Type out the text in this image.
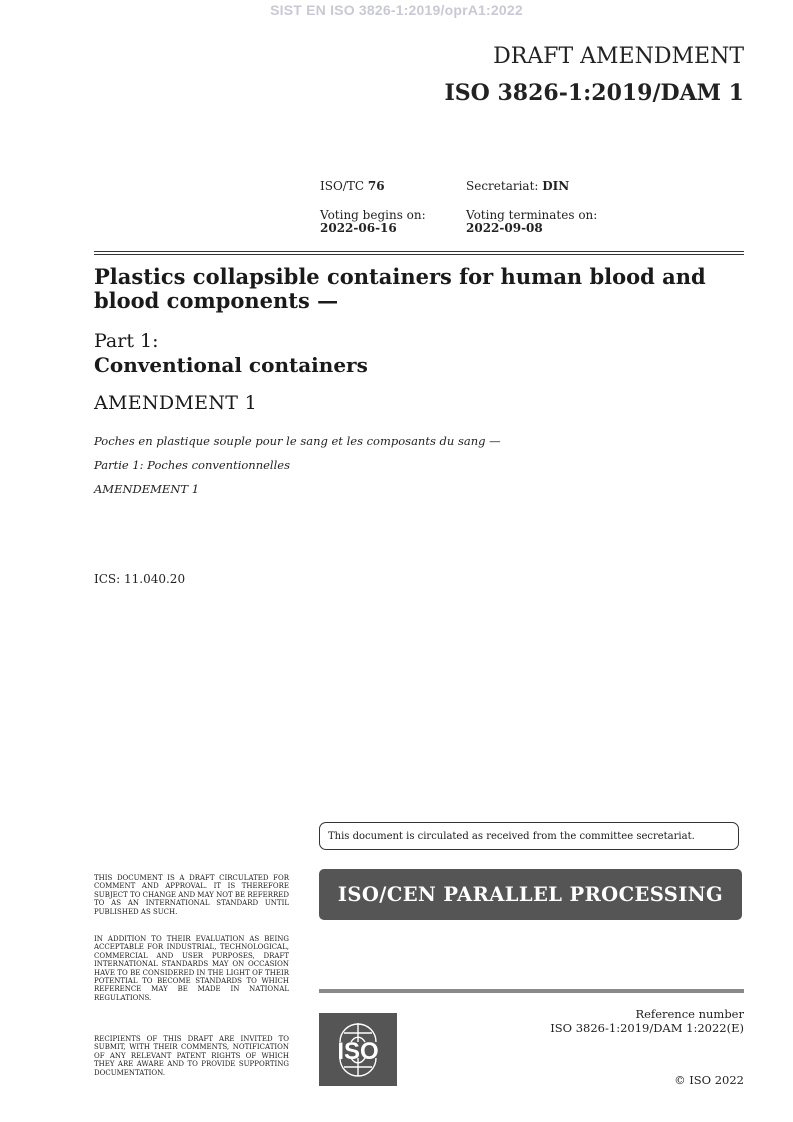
SIST EN ISO 3826-1:2019/oprA1:2022
DRAFT AMENDMENT
ISO 3826-1:2019/DAM 1
ISO/TC 76	Secretariat: DIN
Voting begins on:
2022-06-16
Voting terminates on:
2022-09-08
Plastics collapsible containers for human blood and blood components —
Part 1:
Conventional containers
AMENDMENT 1
Poches en plastique souple pour le sang et les composants du sang —
Partie 1: Poches conventionnelles
AMENDEMENT 1
ICS: 11.040.20
This document is circulated as received from the committee secretariat.
ISO/CEN PARALLEL PROCESSING
THIS DOCUMENT IS A DRAFT CIRCULATED FOR COMMENT AND APPROVAL. IT IS THEREFORE SUBJECT TO CHANGE AND MAY NOT BE REFERRED TO AS AN INTERNATIONAL STANDARD UNTIL PUBLISHED AS SUCH.
IN ADDITION TO THEIR EVALUATION AS BEING ACCEPTABLE FOR INDUSTRIAL, TECHNOLOGICAL, COMMERCIAL AND USER PURPOSES, DRAFT INTERNATIONAL STANDARDS MAY ON OCCASION HAVE TO BE CONSIDERED IN THE LIGHT OF THEIR POTENTIAL TO BECOME STANDARDS TO WHICH REFERENCE MAY BE MADE IN NATIONAL REGULATIONS.
RECIPIENTS OF THIS DRAFT ARE INVITED TO SUBMIT, WITH THEIR COMMENTS, NOTIFICATION OF ANY RELEVANT PATENT RIGHTS OF WHICH THEY ARE AWARE AND TO PROVIDE SUPPORTING DOCUMENTATION.
ISO
Reference number
ISO 3826-1:2019/DAM 1:2022(E)
© ISO 2022
